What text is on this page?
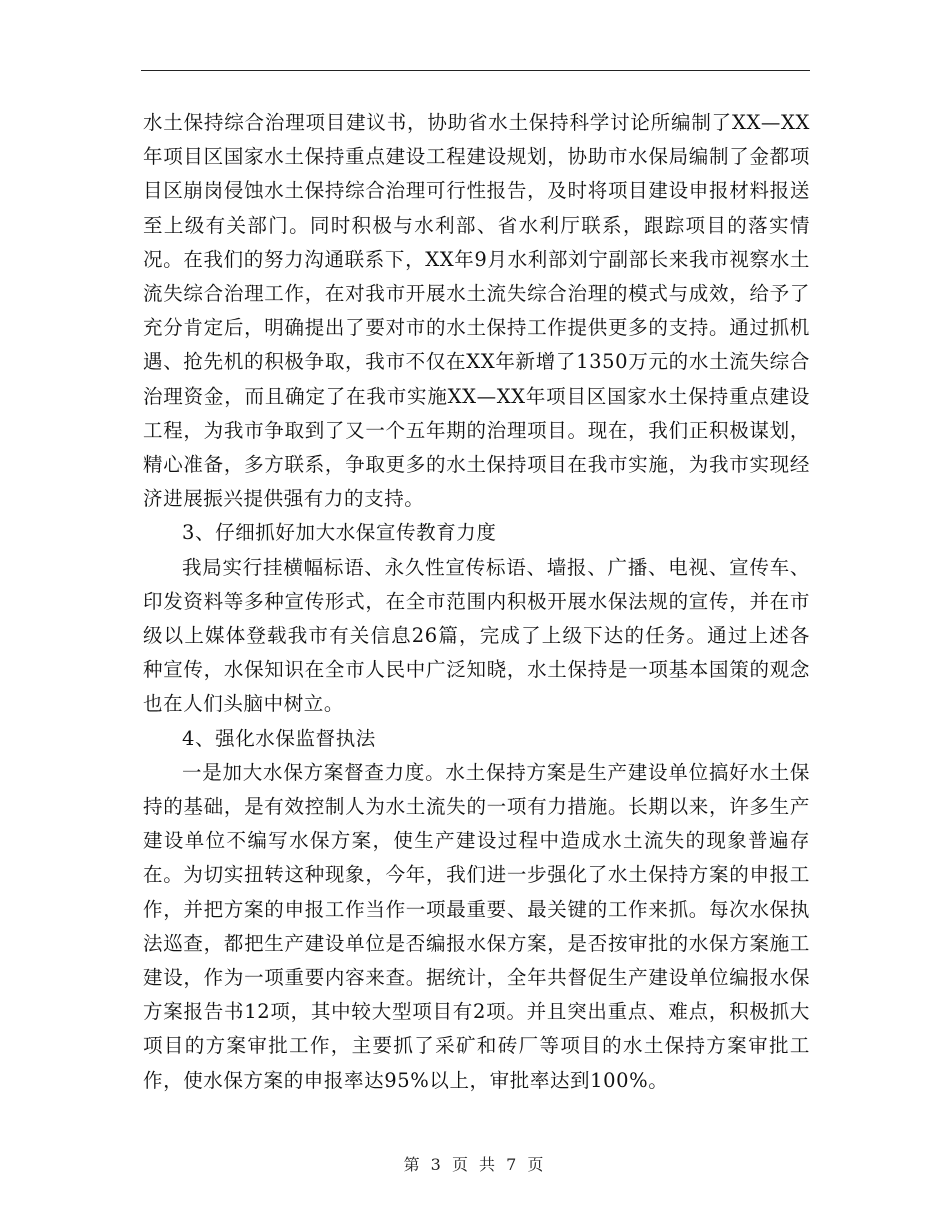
水土保持综合治理项目建议书，协助省水土保持科学讨论所编制了XX—XX年项目区国家水土保持重点建设工程建设规划，协助市水保局编制了金都项目区崩岗侵蚀水土保持综合治理可行性报告，及时将项目建设申报材料报送至上级有关部门。同时积极与水利部、省水利厅联系，跟踪项目的落实情况。在我们的努力沟通联系下，XX年9月水利部刘宁副部长来我市视察水土流失综合治理工作，在对我市开展水土流失综合治理的模式与成效，给予了充分肯定后，明确提出了要对市的水土保持工作提供更多的支持。通过抓机遇、抢先机的积极争取，我市不仅在XX年新增了1350万元的水土流失综合治理资金，而且确定了在我市实施XX—XX年项目区国家水土保持重点建设工程，为我市争取到了又一个五年期的治理项目。现在，我们正积极谋划，精心准备，多方联系，争取更多的水土保持项目在我市实施，为我市实现经济进展振兴提供强有力的支持。

3、仔细抓好加大水保宣传教育力度

我局实行挂横幅标语、永久性宣传标语、墙报、广播、电视、宣传车、印发资料等多种宣传形式，在全市范围内积极开展水保法规的宣传，并在市级以上媒体登载我市有关信息26篇，完成了上级下达的任务。通过上述各种宣传，水保知识在全市人民中广泛知晓，水土保持是一项基本国策的观念也在人们头脑中树立。

4、强化水保监督执法

一是加大水保方案督查力度。水土保持方案是生产建设单位搞好水土保持的基础，是有效控制人为水土流失的一项有力措施。长期以来，许多生产建设单位不编写水保方案，使生产建设过程中造成水土流失的现象普遍存在。为切实扭转这种现象，今年，我们进一步强化了水土保持方案的申报工作，并把方案的申报工作当作一项最重要、最关键的工作来抓。每次水保执法巡查，都把生产建设单位是否编报水保方案，是否按审批的水保方案施工建设，作为一项重要内容来查。据统计，全年共督促生产建设单位编报水保方案报告书12项，其中较大型项目有2项。并且突出重点、难点，积极抓大项目的方案审批工作，主要抓了采矿和砖厂等项目的水土保持方案审批工作，使水保方案的申报率达95%以上，审批率达到100%。

第 3 页 共 7 页
